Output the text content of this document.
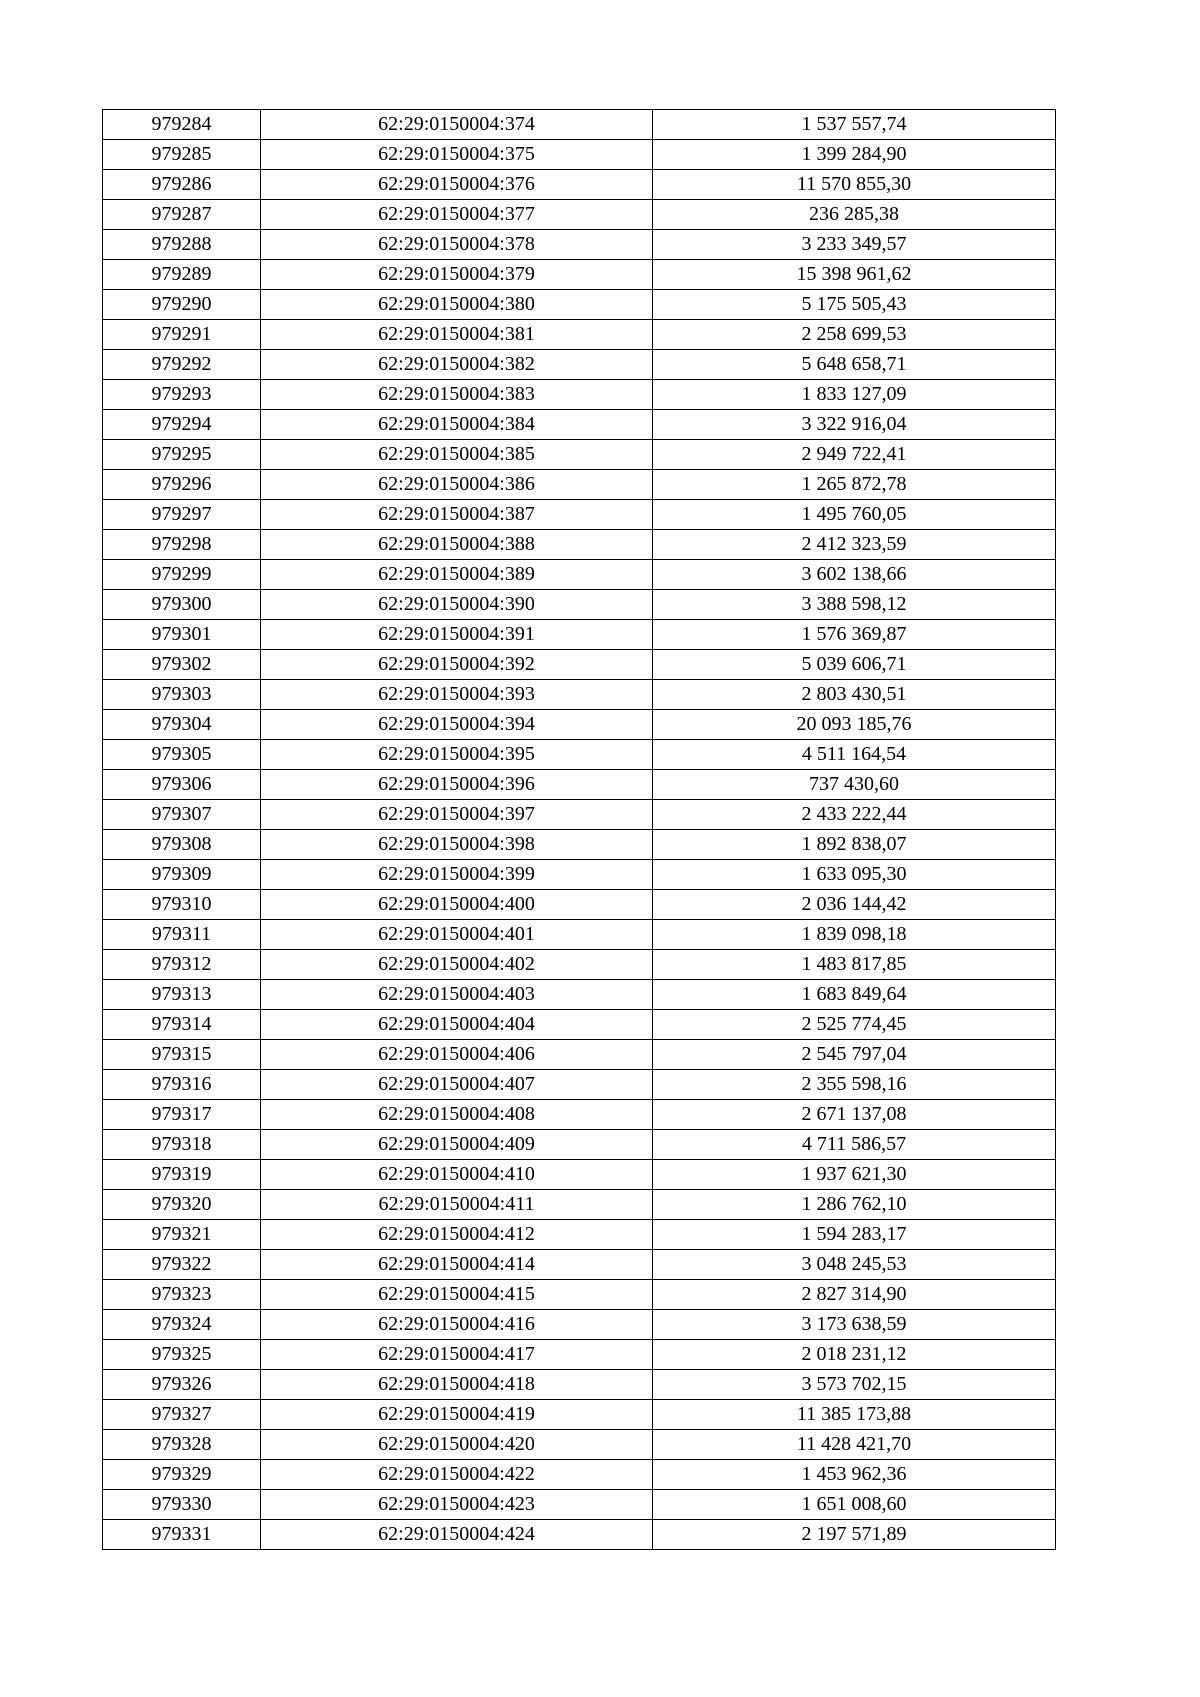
979284	62:29:0150004:374	1 537 557,74
979285	62:29:0150004:375	1 399 284,90
979286	62:29:0150004:376	11 570 855,30
979287	62:29:0150004:377	236 285,38
979288	62:29:0150004:378	3 233 349,57
979289	62:29:0150004:379	15 398 961,62
979290	62:29:0150004:380	5 175 505,43
979291	62:29:0150004:381	2 258 699,53
979292	62:29:0150004:382	5 648 658,71
979293	62:29:0150004:383	1 833 127,09
979294	62:29:0150004:384	3 322 916,04
979295	62:29:0150004:385	2 949 722,41
979296	62:29:0150004:386	1 265 872,78
979297	62:29:0150004:387	1 495 760,05
979298	62:29:0150004:388	2 412 323,59
979299	62:29:0150004:389	3 602 138,66
979300	62:29:0150004:390	3 388 598,12
979301	62:29:0150004:391	1 576 369,87
979302	62:29:0150004:392	5 039 606,71
979303	62:29:0150004:393	2 803 430,51
979304	62:29:0150004:394	20 093 185,76
979305	62:29:0150004:395	4 511 164,54
979306	62:29:0150004:396	737 430,60
979307	62:29:0150004:397	2 433 222,44
979308	62:29:0150004:398	1 892 838,07
979309	62:29:0150004:399	1 633 095,30
979310	62:29:0150004:400	2 036 144,42
979311	62:29:0150004:401	1 839 098,18
979312	62:29:0150004:402	1 483 817,85
979313	62:29:0150004:403	1 683 849,64
979314	62:29:0150004:404	2 525 774,45
979315	62:29:0150004:406	2 545 797,04
979316	62:29:0150004:407	2 355 598,16
979317	62:29:0150004:408	2 671 137,08
979318	62:29:0150004:409	4 711 586,57
979319	62:29:0150004:410	1 937 621,30
979320	62:29:0150004:411	1 286 762,10
979321	62:29:0150004:412	1 594 283,17
979322	62:29:0150004:414	3 048 245,53
979323	62:29:0150004:415	2 827 314,90
979324	62:29:0150004:416	3 173 638,59
979325	62:29:0150004:417	2 018 231,12
979326	62:29:0150004:418	3 573 702,15
979327	62:29:0150004:419	11 385 173,88
979328	62:29:0150004:420	11 428 421,70
979329	62:29:0150004:422	1 453 962,36
979330	62:29:0150004:423	1 651 008,60
979331	62:29:0150004:424	2 197 571,89
